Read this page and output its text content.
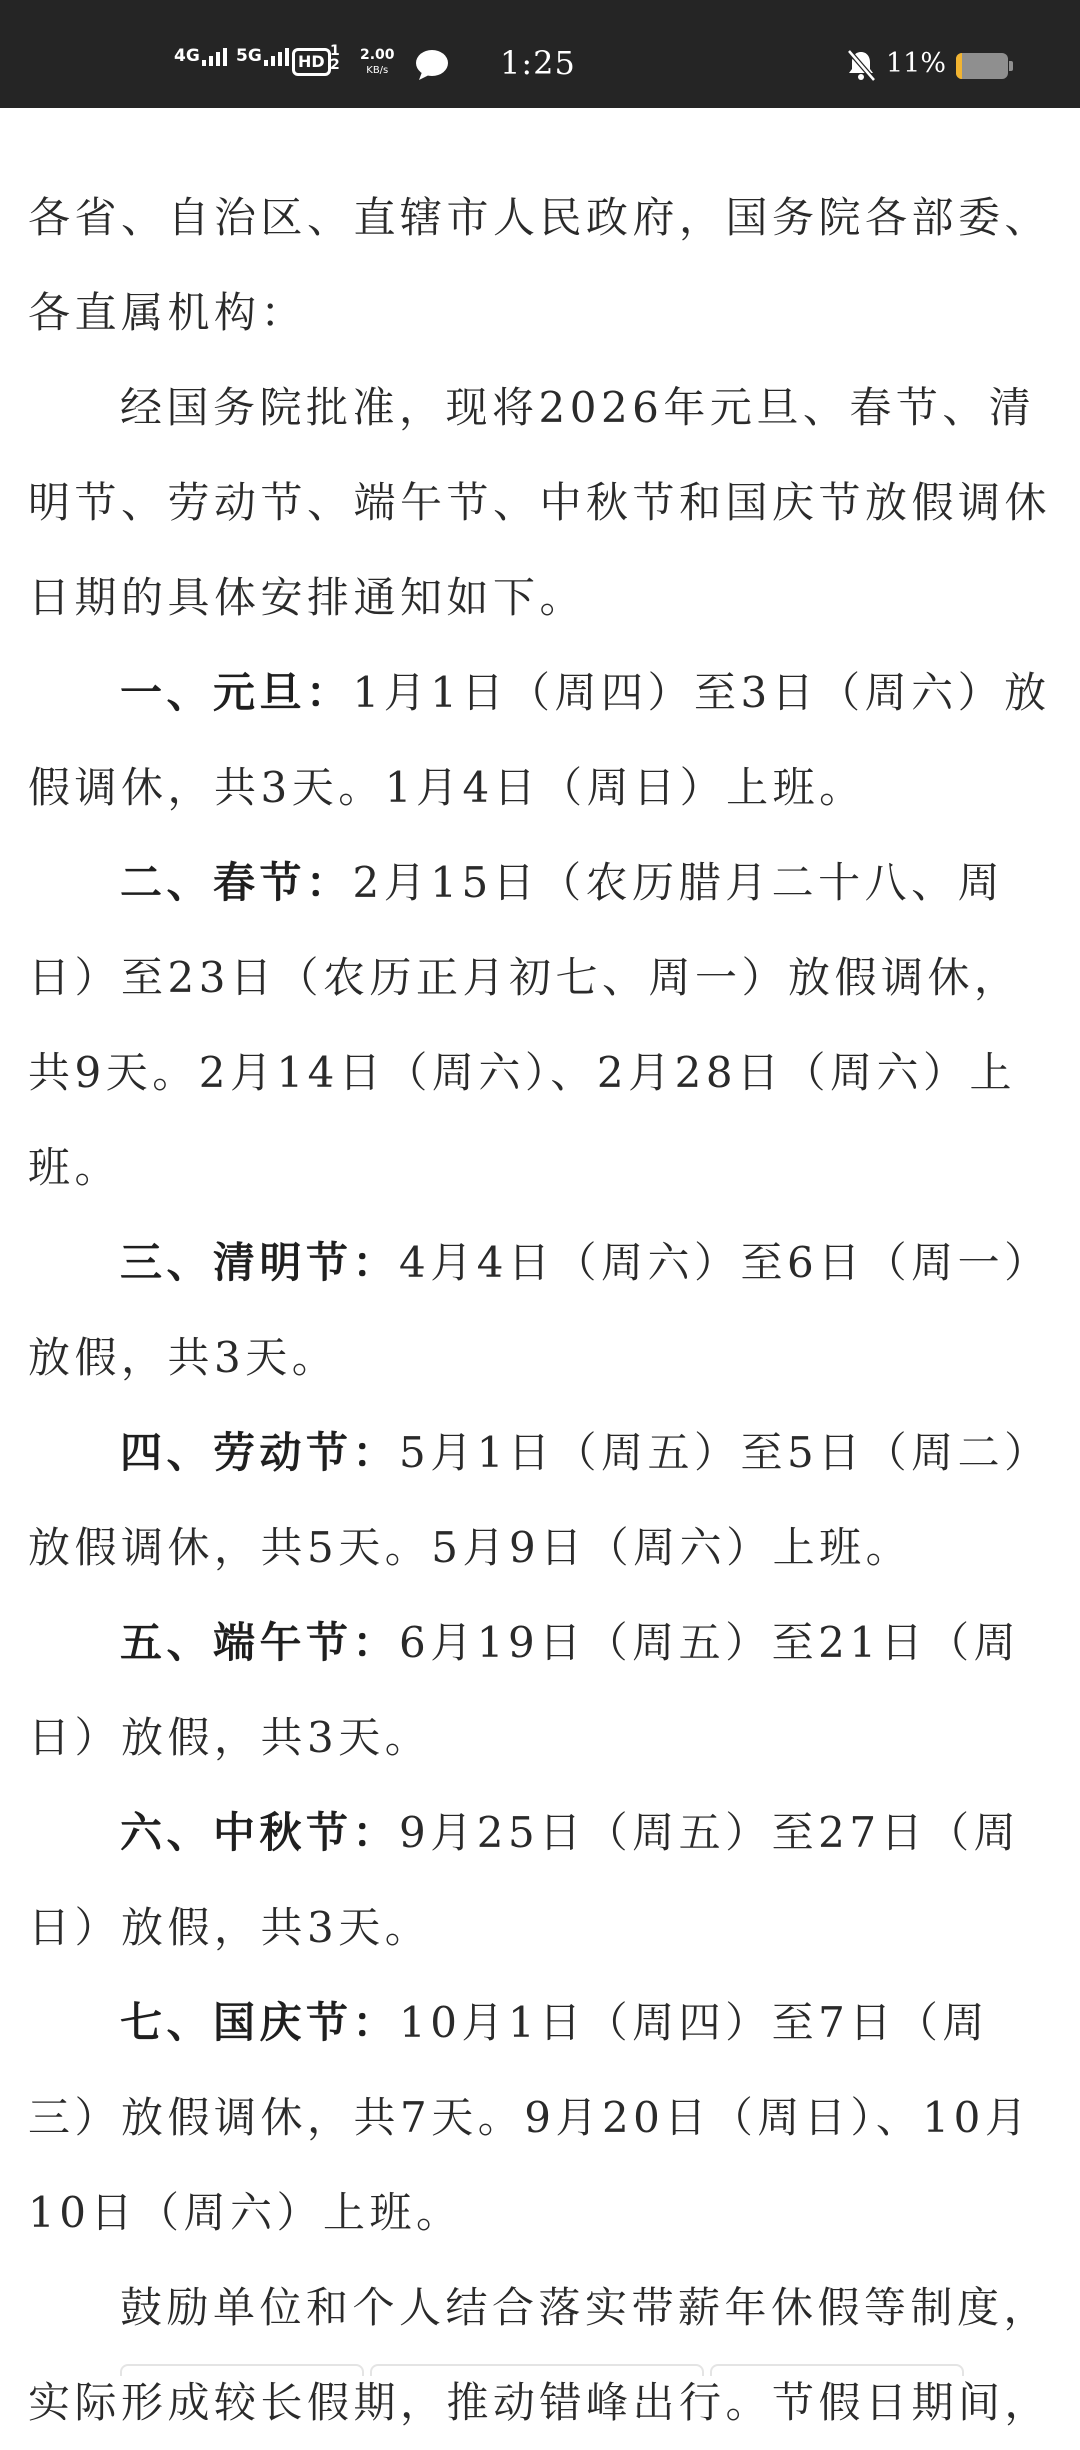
4G 5G HD
1
2
2.00
KB/s	1:25	11%

各省、自治区、直辖市人民政府，国务院各部委、各直属机构：

经国务院批准，现将2026年元旦、春节、清明节、劳动节、端午节、中秋节和国庆节放假调休日期的具体安排通知如下。

一、元旦：1月1日（周四）至3日（周六）放假调休，共3天。1月4日（周日）上班。

二、春节：2月15日（农历腊月二十八、周日）至23日（农历正月初七、周一）放假调休，共9天。2月14日（周六）、2月28日（周六）上班。

三、清明节：4月4日（周六）至6日（周一）放假，共3天。

四、劳动节：5月1日（周五）至5日（周二）放假调休，共5天。5月9日（周六）上班。

五、端午节：6月19日（周五）至21日（周日）放假，共3天。

六、中秋节：9月25日（周五）至27日（周日）放假，共3天。

七、国庆节：10月1日（周四）至7日（周三）放假调休，共7天。9月20日（周日）、10月10日（周六）上班。

鼓励单位和个人结合落实带薪年休假等制度，实际形成较长假期，推动错峰出行。节假日期间，
